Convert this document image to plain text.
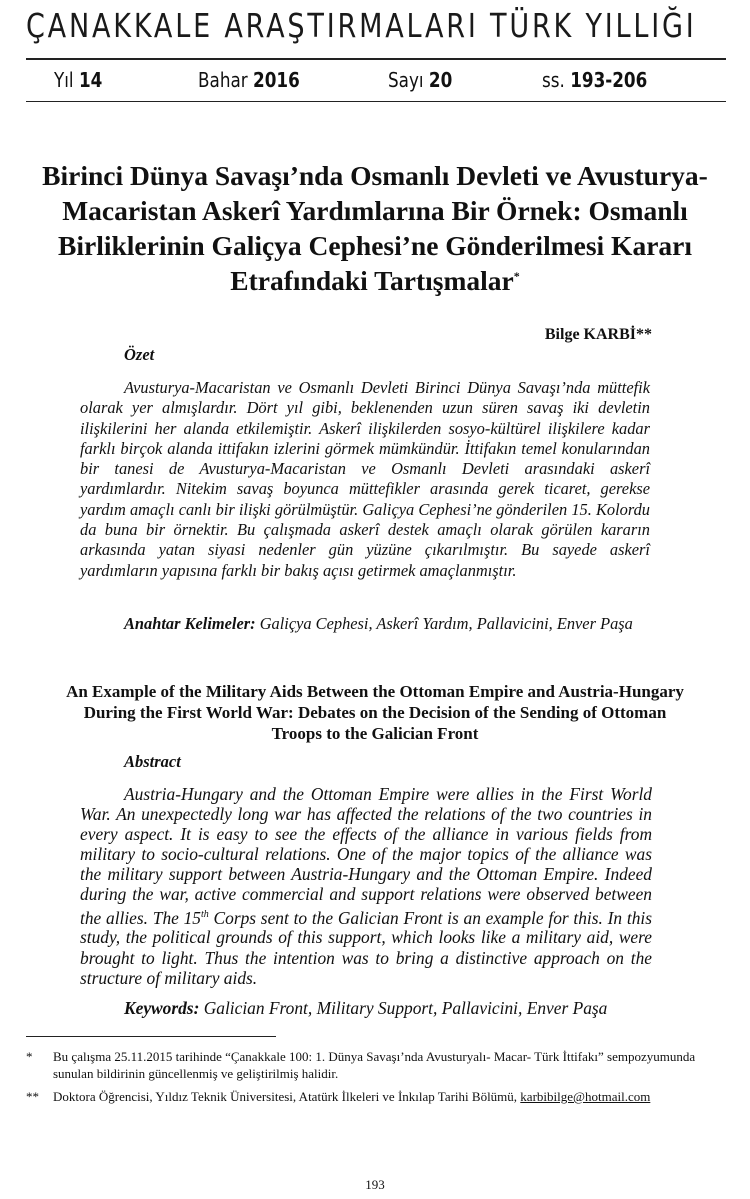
ÇANAKKALE ARAŞTIRMALARI TÜRK YILLIĞI
Yıl 14	Bahar 2016	Sayı 20	ss. 193-206
Birinci Dünya Savaşı’nda Osmanlı Devleti ve Avusturya-Macaristan Askerî Yardımlarına Bir Örnek: Osmanlı Birliklerinin Galiçya Cephesi’ne Gönderilmesi Kararı Etrafındaki Tartışmalar*
Bilge KARBİ**
Özet
Avusturya-Macaristan ve Osmanlı Devleti Birinci Dünya Savaşı’nda müttefik olarak yer almışlardır. Dört yıl gibi, beklenenden uzun süren savaş iki devletin ilişkilerini her alanda etkilemiştir. Askerî ilişkilerden sosyo-kültürel ilişkilere kadar farklı birçok alanda ittifakın izlerini görmek mümkündür. İttifakın temel konularından bir tanesi de Avusturya-Macaristan ve Osmanlı Devleti arasındaki askerî yardımlardır. Nitekim savaş boyunca müttefikler arasında gerek ticaret, gerekse yardım amaçlı canlı bir ilişki görülmüştür. Galiçya Cephesi’ne gönderilen 15. Kolordu da buna bir örnektir. Bu çalışmada askerî destek amaçlı olarak görülen kararın arkasında yatan siyasi nedenler gün yüzüne çıkarılmıştır. Bu sayede askerî yardımların yapısına farklı bir bakış açısı getirmek amaçlanmıştır.
Anahtar Kelimeler: Galiçya Cephesi, Askerî Yardım, Pallavicini, Enver Paşa
An Example of the Military Aids Between the Ottoman Empire and Austria-Hungary During the First World War: Debates on the Decision of the Sending of Ottoman Troops to the Galician Front
Abstract
Austria-Hungary and the Ottoman Empire were allies in the First World War. An unexpectedly long war has affected the relations of the two countries in every aspect. It is easy to see the effects of the alliance in various fields from military to socio-cultural relations. One of the major topics of the alliance was the military support between Austria-Hungary and the Ottoman Empire. Indeed during the war, active commercial and support relations were observed between the allies. The 15th Corps sent to the Galician Front is an example for this. In this study, the political grounds of this support, which looks like a military aid, were brought to light. Thus the intention was to bring a distinctive approach on the structure of military aids.
Keywords: Galician Front, Military Support, Pallavicini, Enver Paşa
* Bu çalışma 25.11.2015 tarihinde “Çanakkale 100: 1. Dünya Savaşı’nda Avusturyalı- Macar- Türk İttifakı” sempozyumunda sunulan bildirinin güncellenmiş ve geliştirilmiş halidir.
** Doktora Öğrencisi, Yıldız Teknik Üniversitesi, Atatürk İlkeleri ve İnkılap Tarihi Bölümü, karbibilge@hotmail.com
193
